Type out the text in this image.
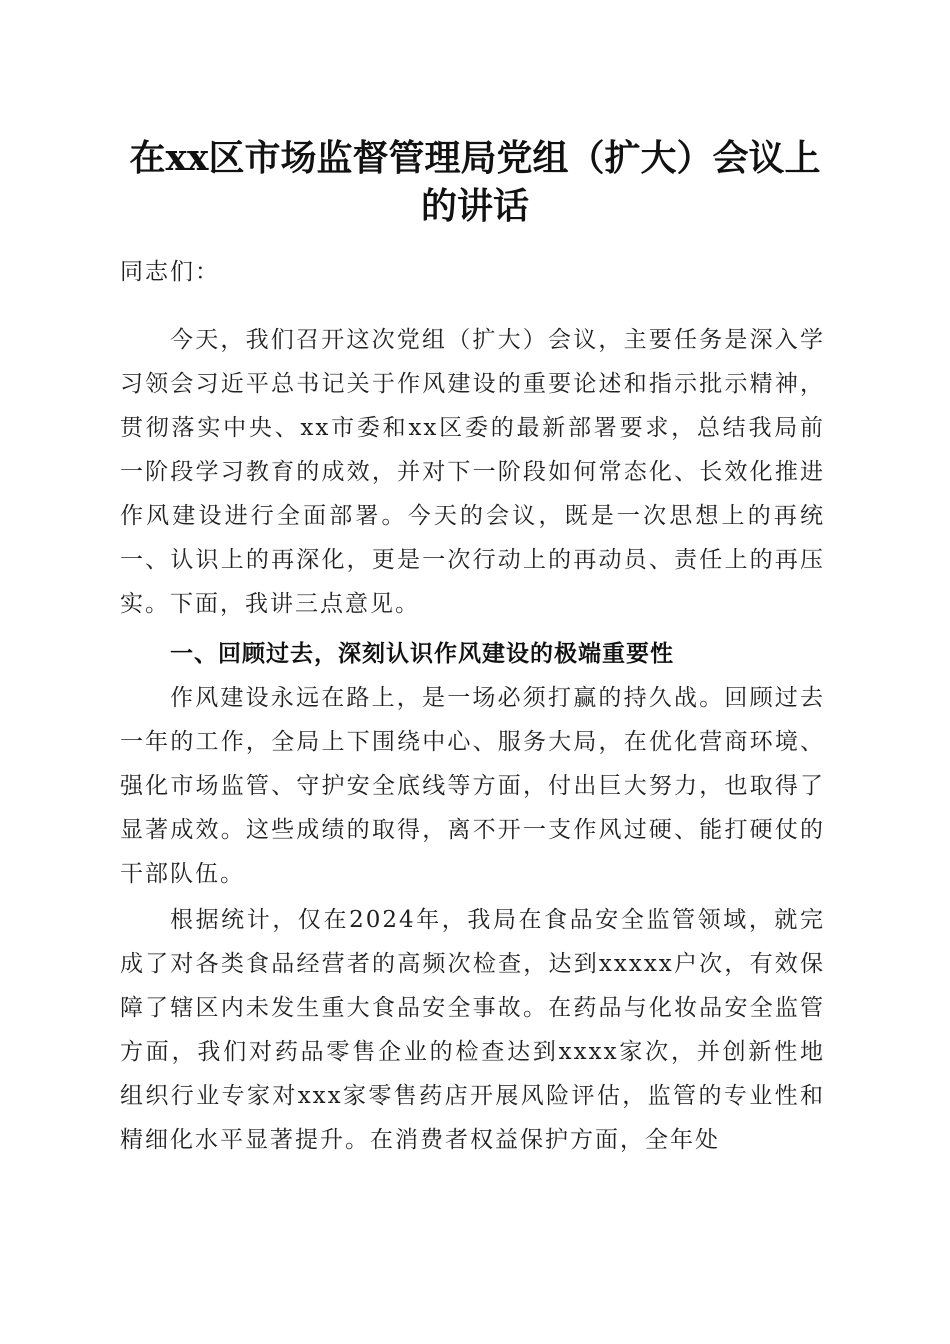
在xx区市场监督管理局党组（扩大）会议上的讲话
同志们：
今天，我们召开这次党组（扩大）会议，主要任务是深入学习领会习近平总书记关于作风建设的重要论述和指示批示精神，贯彻落实中央、xx市委和xx区委的最新部署要求，总结我局前一阶段学习教育的成效，并对下一阶段如何常态化、长效化推进作风建设进行全面部署。今天的会议，既是一次思想上的再统一、认识上的再深化，更是一次行动上的再动员、责任上的再压实。下面，我讲三点意见。
一、回顾过去，深刻认识作风建设的极端重要性
作风建设永远在路上，是一场必须打赢的持久战。回顾过去一年的工作，全局上下围绕中心、服务大局，在优化营商环境、强化市场监管、守护安全底线等方面，付出巨大努力，也取得了显著成效。这些成绩的取得，离不开一支作风过硬、能打硬仗的干部队伍。
根据统计，仅在2024年，我局在食品安全监管领域，就完成了对各类食品经营者的高频次检查，达到xxxxx户次，有效保障了辖区内未发生重大食品安全事故。在药品与化妆品安全监管方面，我们对药品零售企业的检查达到xxxx家次，并创新性地组织行业专家对xxx家零售药店开展风险评估，监管的专业性和精细化水平显著提升。在消费者权益保护方面，全年处
